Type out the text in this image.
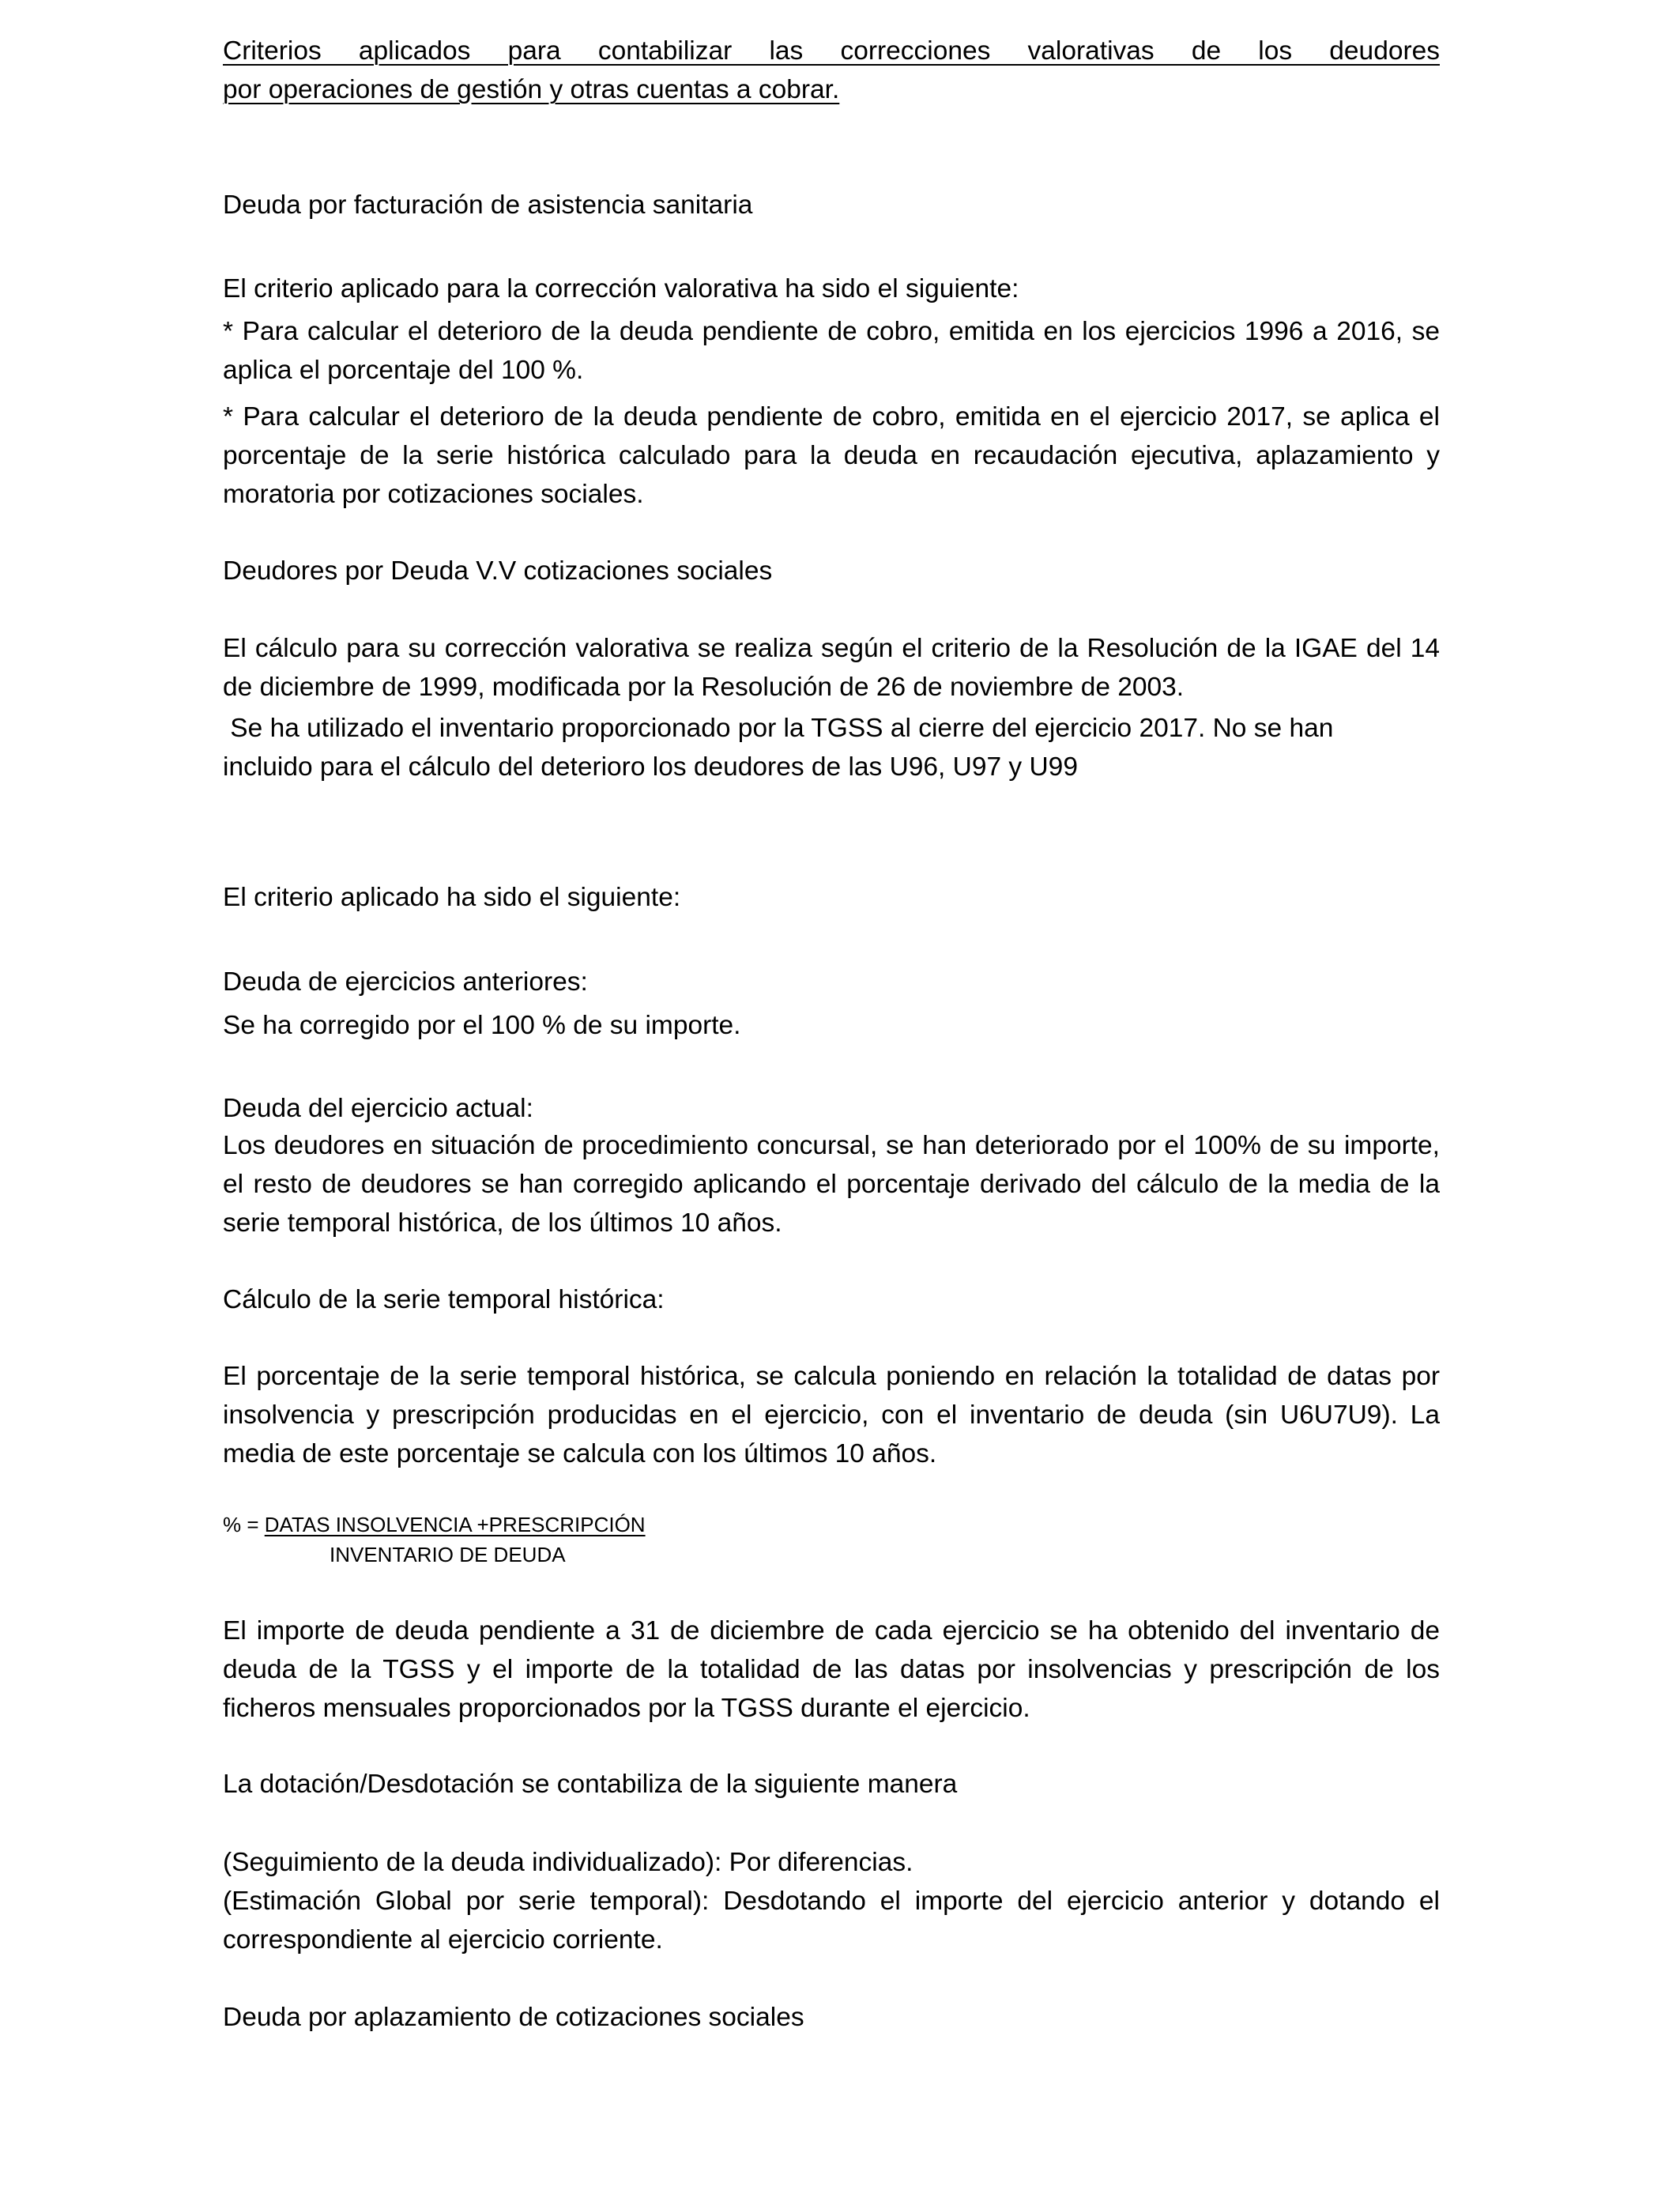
Criterios aplicados para contabilizar las correcciones valorativas de los deudores
por operaciones de gestión y otras cuentas a cobrar.

Deuda por facturación de asistencia sanitaria

El criterio aplicado para la corrección valorativa ha sido el siguiente:

* Para calcular el deterioro de la deuda pendiente de cobro, emitida en los ejercicios 1996 a 2016, se aplica el porcentaje del 100 %.

* Para calcular el deterioro de la deuda pendiente de cobro, emitida en el ejercicio 2017, se aplica el porcentaje de la serie histórica calculado para la deuda en recaudación ejecutiva, aplazamiento y moratoria por cotizaciones sociales.

Deudores por Deuda V.V cotizaciones sociales

El cálculo para su corrección valorativa se realiza según el criterio de la Resolución de la IGAE del 14 de diciembre de 1999, modificada por la Resolución de 26 de noviembre de 2003.

Se ha utilizado el inventario proporcionado por la TGSS al cierre del ejercicio 2017. No se han
incluido para el cálculo del deterioro los deudores de las U96, U97 y U99

El criterio aplicado ha sido el siguiente:

Deuda de ejercicios anteriores:

Se ha corregido por el 100 % de su importe.

Deuda del ejercicio actual:

Los deudores en situación de procedimiento concursal, se han deteriorado por el 100% de su importe, el resto de deudores se han corregido aplicando el porcentaje derivado del cálculo de la media de la serie temporal histórica, de los últimos 10 años.

Cálculo de la serie temporal histórica:

El porcentaje de la serie temporal histórica, se calcula poniendo en relación la totalidad de datas por insolvencia y prescripción producidas en el ejercicio, con el inventario de deuda (sin U6U7U9). La media de este porcentaje se calcula con los últimos 10 años.

% = DATAS INSOLVENCIA +PRESCRIPCIÓN
INVENTARIO DE DEUDA

El importe de deuda pendiente a 31 de diciembre de cada ejercicio se ha obtenido del inventario de deuda de la TGSS y el importe de la totalidad de las datas por insolvencias y prescripción de los ficheros mensuales proporcionados por la TGSS durante el ejercicio.

La dotación/Desdotación se contabiliza de la siguiente manera

(Seguimiento de la deuda individualizado): Por diferencias.
(Estimación Global por serie temporal): Desdotando el importe del ejercicio anterior y dotando el correspondiente al ejercicio corriente.

Deuda por aplazamiento de cotizaciones sociales
